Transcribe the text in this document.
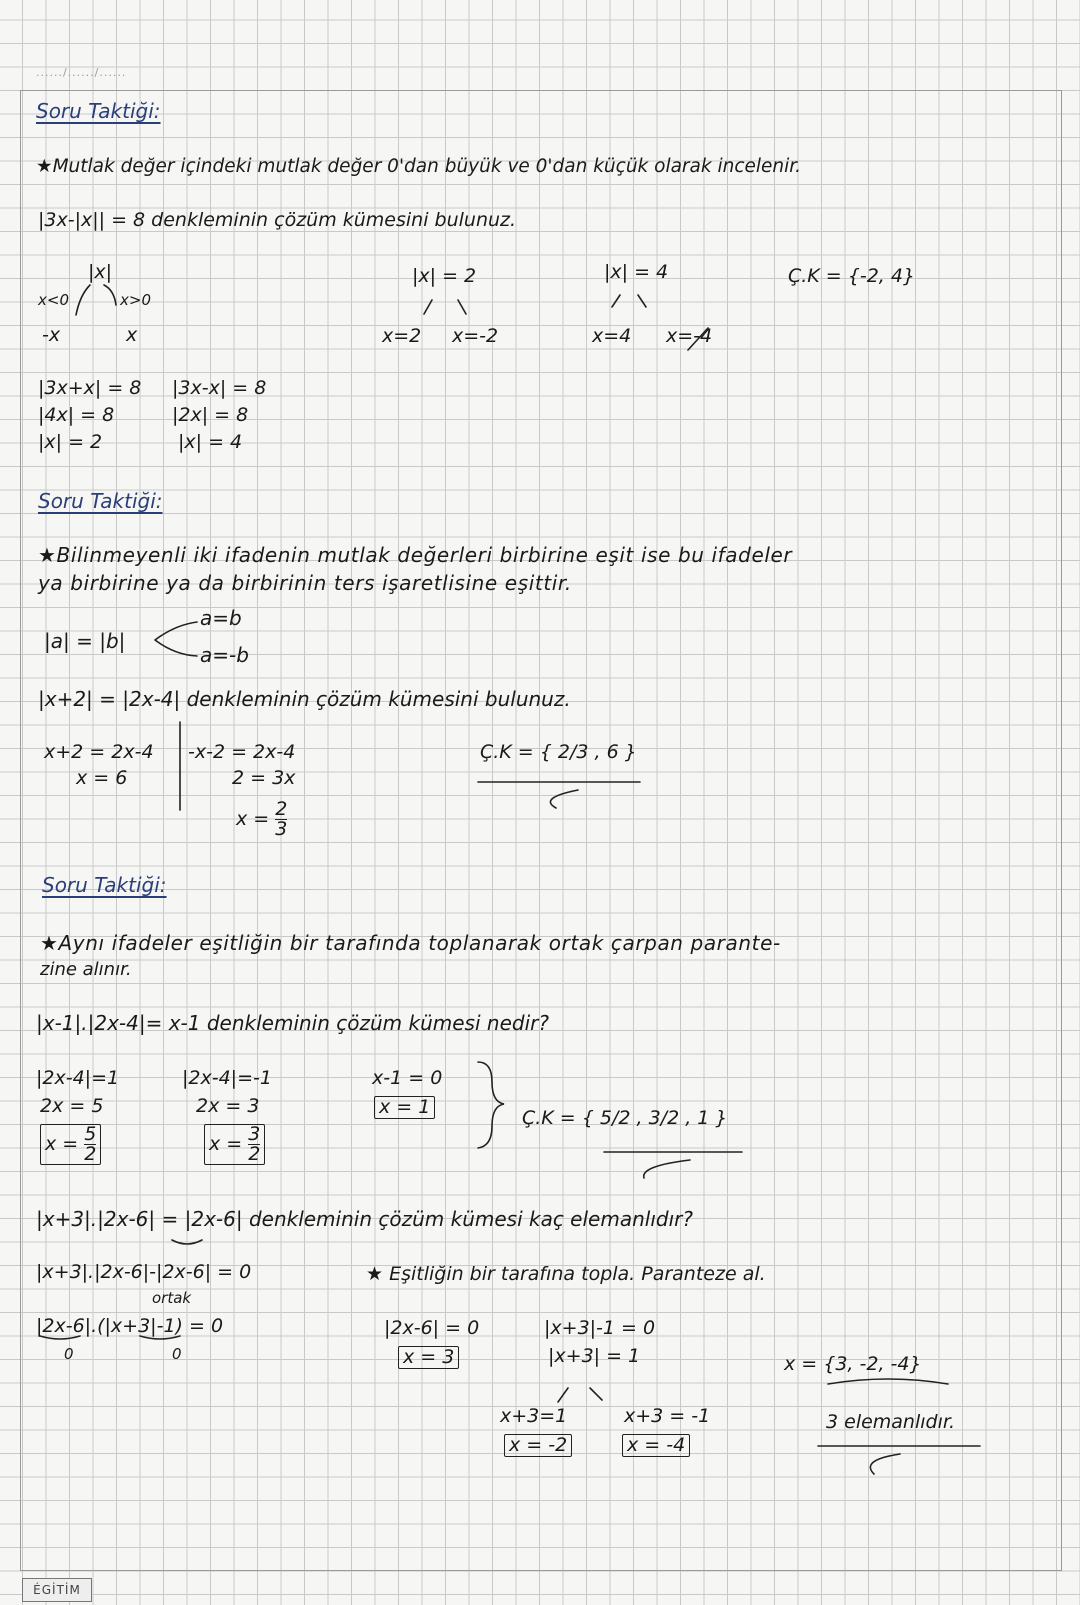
....../....../......
Soru Taktiği:
★Mutlak değer içindeki mutlak değer 0'dan büyük ve 0'dan küçük olarak incelenir.
|3x-|x|| = 8 denkleminin çözüm kümesini bulunuz.
|x|
x<0	x>0
-x	x
|3x+x| = 8
|4x| = 8
|x| = 2
|3x-x| = 8
|2x| = 8
|x| = 4
|x| = 2
x=2 x=-2
|x| = 4
x=4 x=-4
Ç.K = {-2, 4}
Soru Taktiği:
★Bilinmeyenli iki ifadenin mutlak değerleri birbirine eşit ise bu ifadeler
ya birbirine ya da birbirinin ters işaretlisine eşittir.
|a| = |b|
a=b
a=-b
|x+2| = |2x-4| denkleminin çözüm kümesini bulunuz.
x+2 = 2x-4
x = 6
-x-2 = 2x-4
2 = 3x
$x = \frac{2}{3}$
Ç.K = { 2/3 , 6 }
Soru Taktiği:
★Aynı ifadeler eşitliğin bir tarafında toplanarak ortak çarpan parante-
zine alınır.
|x-1|.|2x-4|= x-1 denkleminin çözüm kümesi nedir?
|2x-4|=1
2x = 5
$x = \frac{5}{2}$
|2x-4|=-1
2x = 3
$x = \frac{3}{2}$
x-1 = 0
x = 1	Ç.K = { 5/2 , 3/2 , 1 }
|x+3|.|2x-6| = |2x-6| denkleminin çözüm kümesi kaç elemanlıdır?
|x+3|.|2x-6|-|2x-6| = 0
ortak
★ Eşitliğin bir tarafına topla. Paranteze al.
|2x-6|.(|x+3|-1) = 0
0	0
|2x-6| = 0
x = 3
|x+3|-1 = 0
|x+3| = 1
x+3=1
x = -2
x+3 = -1
x = -4
x = {3, -2, -4}
3 elemanlıdır.
ÉGİTİM
